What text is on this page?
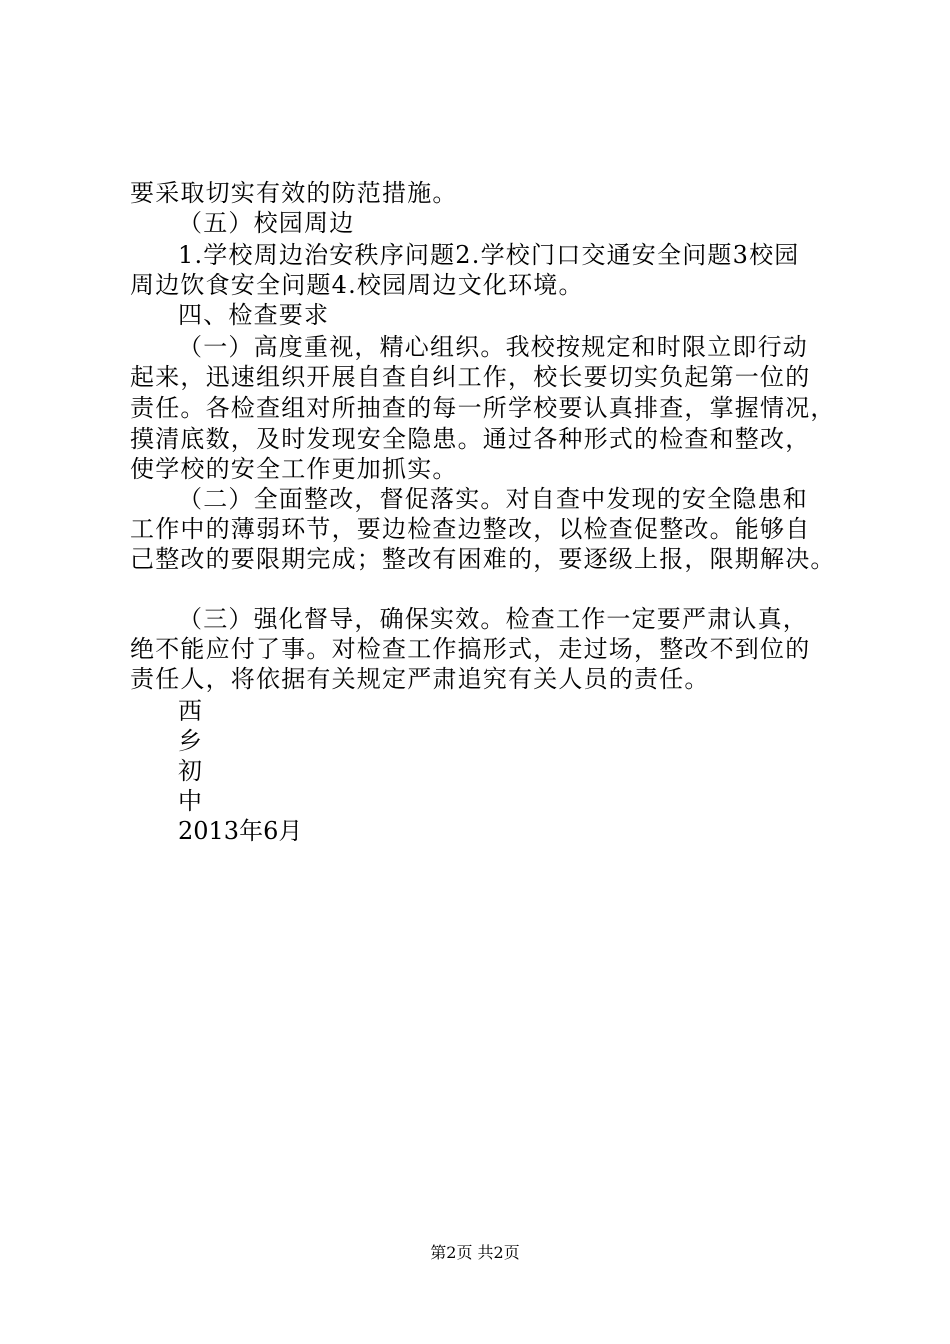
要采取切实有效的防范措施。
（五）校园周边
1.学校周边治安秩序问题2.学校门口交通安全问题3校园
周边饮食安全问题4.校园周边文化环境。
四、检查要求
（一）高度重视，精心组织。我校按规定和时限立即行动
起来，迅速组织开展自查自纠工作，校长要切实负起第一位的
责任。各检查组对所抽查的每一所学校要认真排查，掌握情况，
摸清底数，及时发现安全隐患。通过各种形式的检查和整改，
使学校的安全工作更加抓实。
（二）全面整改，督促落实。对自查中发现的安全隐患和
工作中的薄弱环节，要边检查边整改，以检查促整改。能够自
己整改的要限期完成；整改有困难的，要逐级上报，限期解决。
（三）强化督导，确保实效。检查工作一定要严肃认真，
绝不能应付了事。对检查工作搞形式，走过场，整改不到位的
责任人，将依据有关规定严肃追究有关人员的责任。
西
乡
初
中
2013年6月
第2页 共2页
